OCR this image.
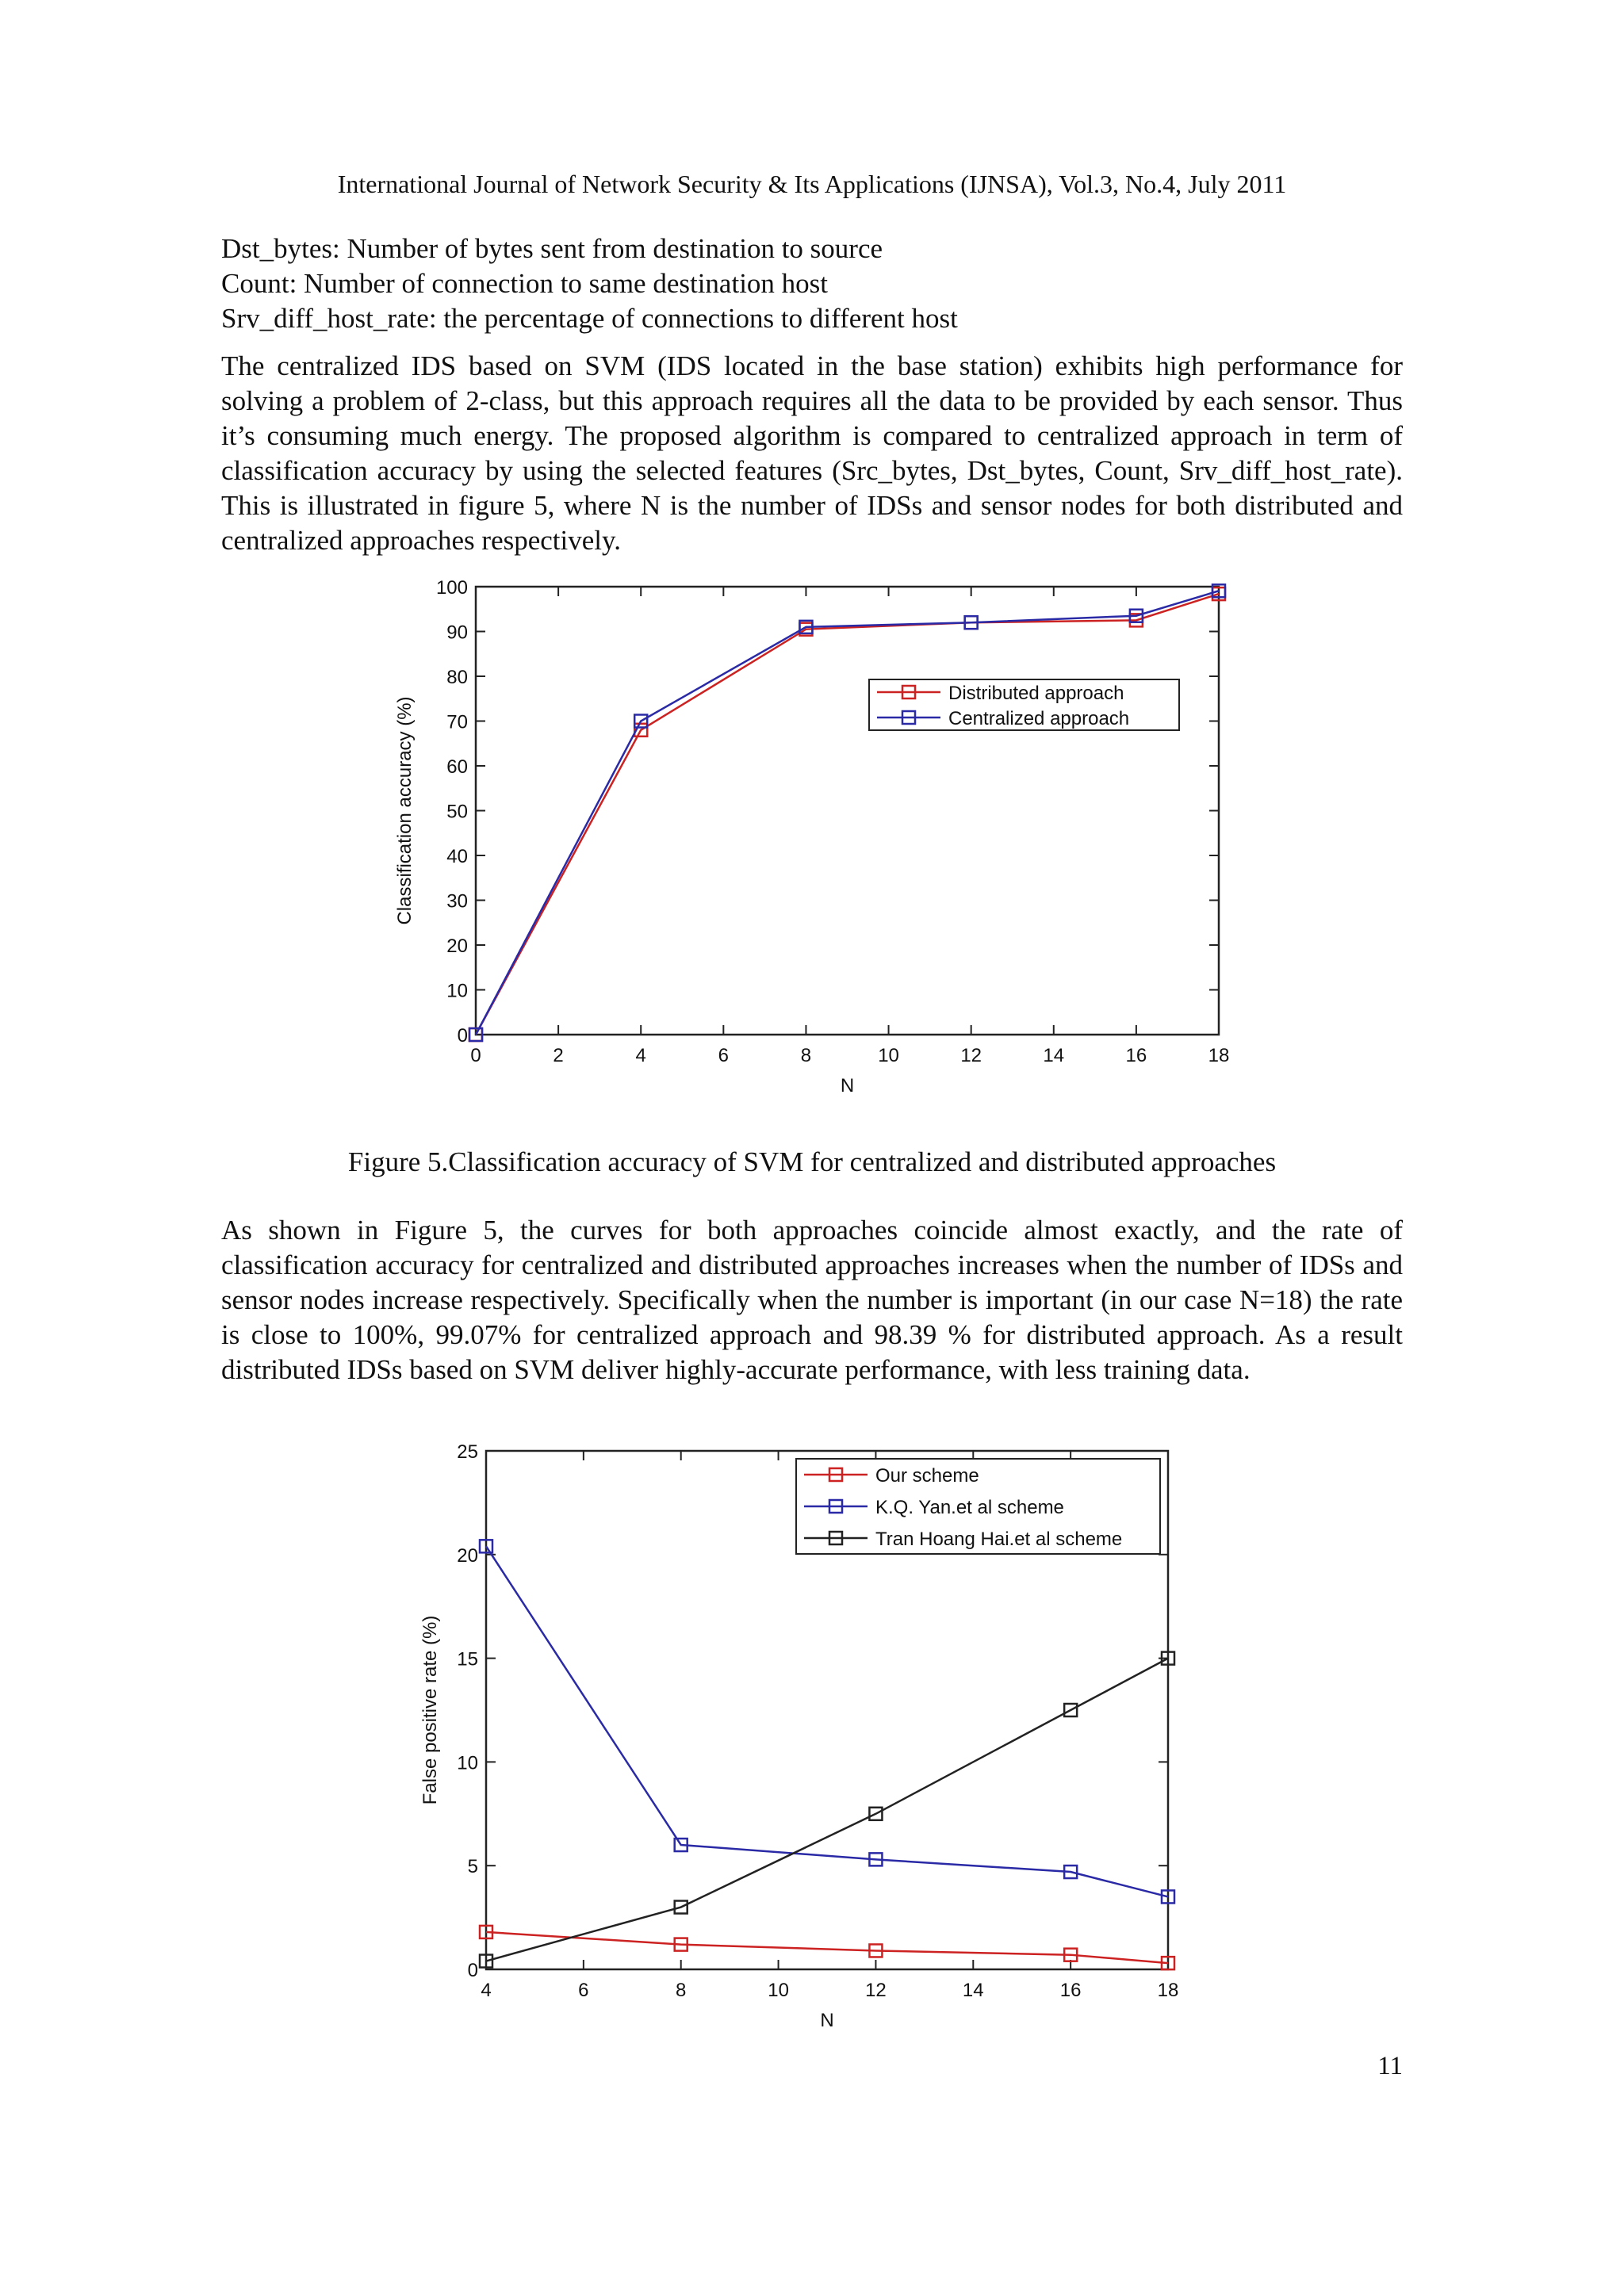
International Journal of Network Security & Its Applications (IJNSA), Vol.3, No.4, July 2011
Dst_bytes: Number of bytes sent from destination to source
Count: Number of connection to same destination host
Srv_diff_host_rate: the percentage of connections to different host
The centralized IDS based on SVM (IDS located in the base station) exhibits high performance for solving a problem of 2-class, but this approach requires all the data to be provided by each sensor. Thus it’s consuming much energy. The proposed algorithm is compared to centralized approach in term of classification accuracy by using the selected features (Src_bytes, Dst_bytes, Count, Srv_diff_host_rate). This is illustrated in figure 5, where N is the number of IDSs and sensor nodes for both distributed and centralized approaches respectively.
0	2	4	6	8	10	12	14	16	18
0
10
20
30
40
50
60
70
80
90
100
N
Classification accuracy (%)
Distributed approach
Centralized approach
Figure 5.Classification accuracy of SVM for centralized and distributed approaches
As shown in Figure 5, the curves for both approaches coincide almost exactly, and the rate of classification accuracy for centralized and distributed approaches increases when the number of IDSs and sensor nodes increase respectively. Specifically when the number is important (in our case N=18) the rate is close to 100%, 99.07% for centralized approach and 98.39 % for distributed approach. As a result distributed IDSs based on SVM deliver highly-accurate performance, with less training data.
4	6	8	10	12	14	16	18
0
5
10
15
20
25
N
False positive rate (%)
Our scheme
K.Q. Yan.et al scheme
Tran Hoang Hai.et al scheme
11
